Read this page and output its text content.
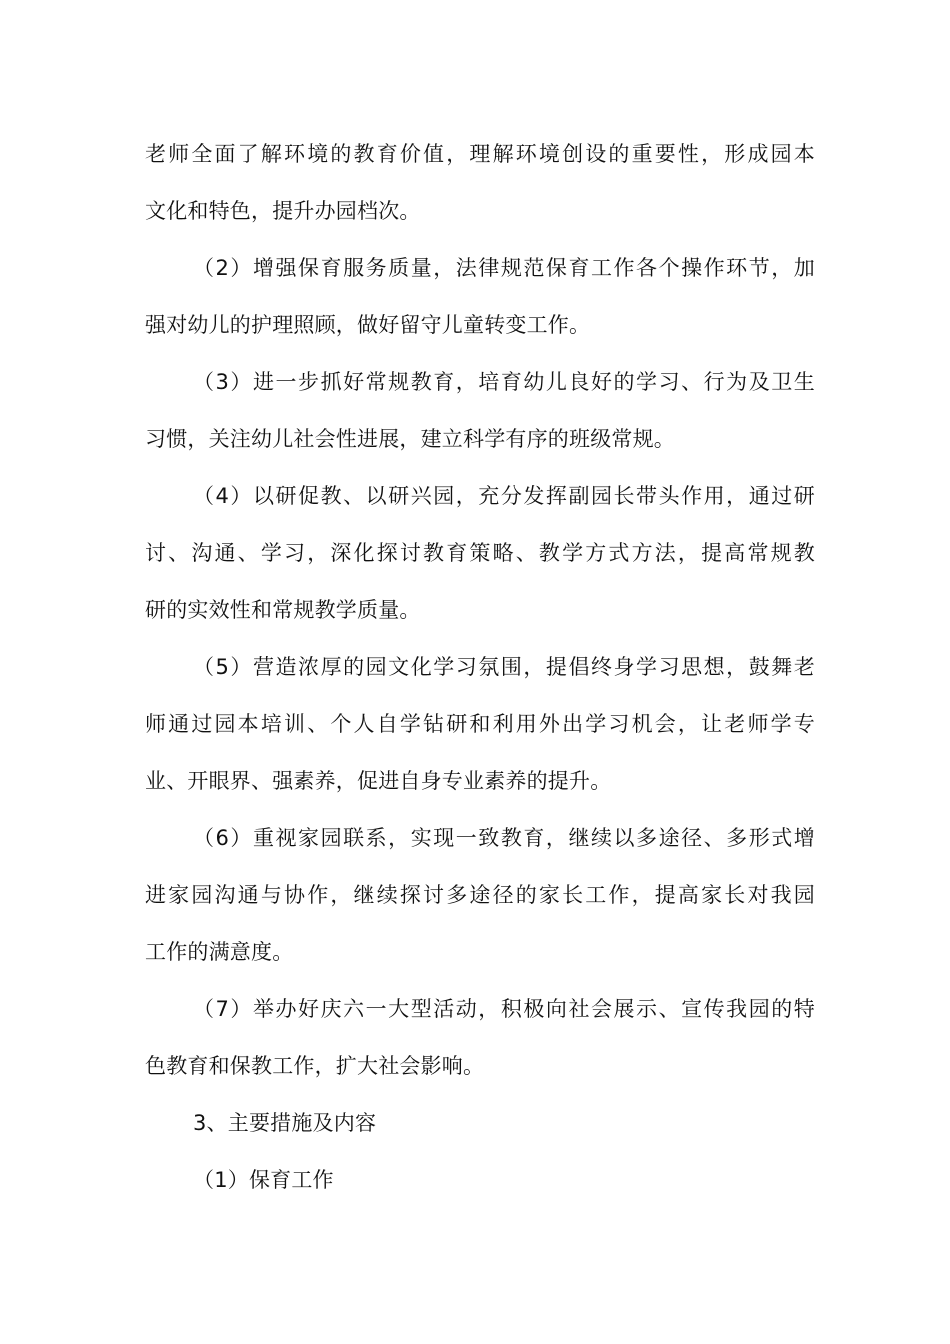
老师全面了解环境的教育价值，理解环境创设的重要性，形成园本
文化和特色，提升办园档次。
（2）增强保育服务质量，法律规范保育工作各个操作环节，加
强对幼儿的护理照顾，做好留守儿童转变工作。
（3）进一步抓好常规教育，培育幼儿良好的学习、行为及卫生
习惯，关注幼儿社会性进展，建立科学有序的班级常规。
（4）以研促教、以研兴园，充分发挥副园长带头作用，通过研
讨、沟通、学习，深化探讨教育策略、教学方式方法，提高常规教
研的实效性和常规教学质量。
（5）营造浓厚的园文化学习氛围，提倡终身学习思想，鼓舞老
师通过园本培训、个人自学钻研和利用外出学习机会，让老师学专
业、开眼界、强素养，促进自身专业素养的提升。
（6）重视家园联系，实现一致教育，继续以多途径、多形式增
进家园沟通与协作，继续探讨多途径的家长工作，提高家长对我园
工作的满意度。
（7）举办好庆六一大型活动，积极向社会展示、宣传我园的特
色教育和保教工作，扩大社会影响。
3、主要措施及内容
（1）保育工作
